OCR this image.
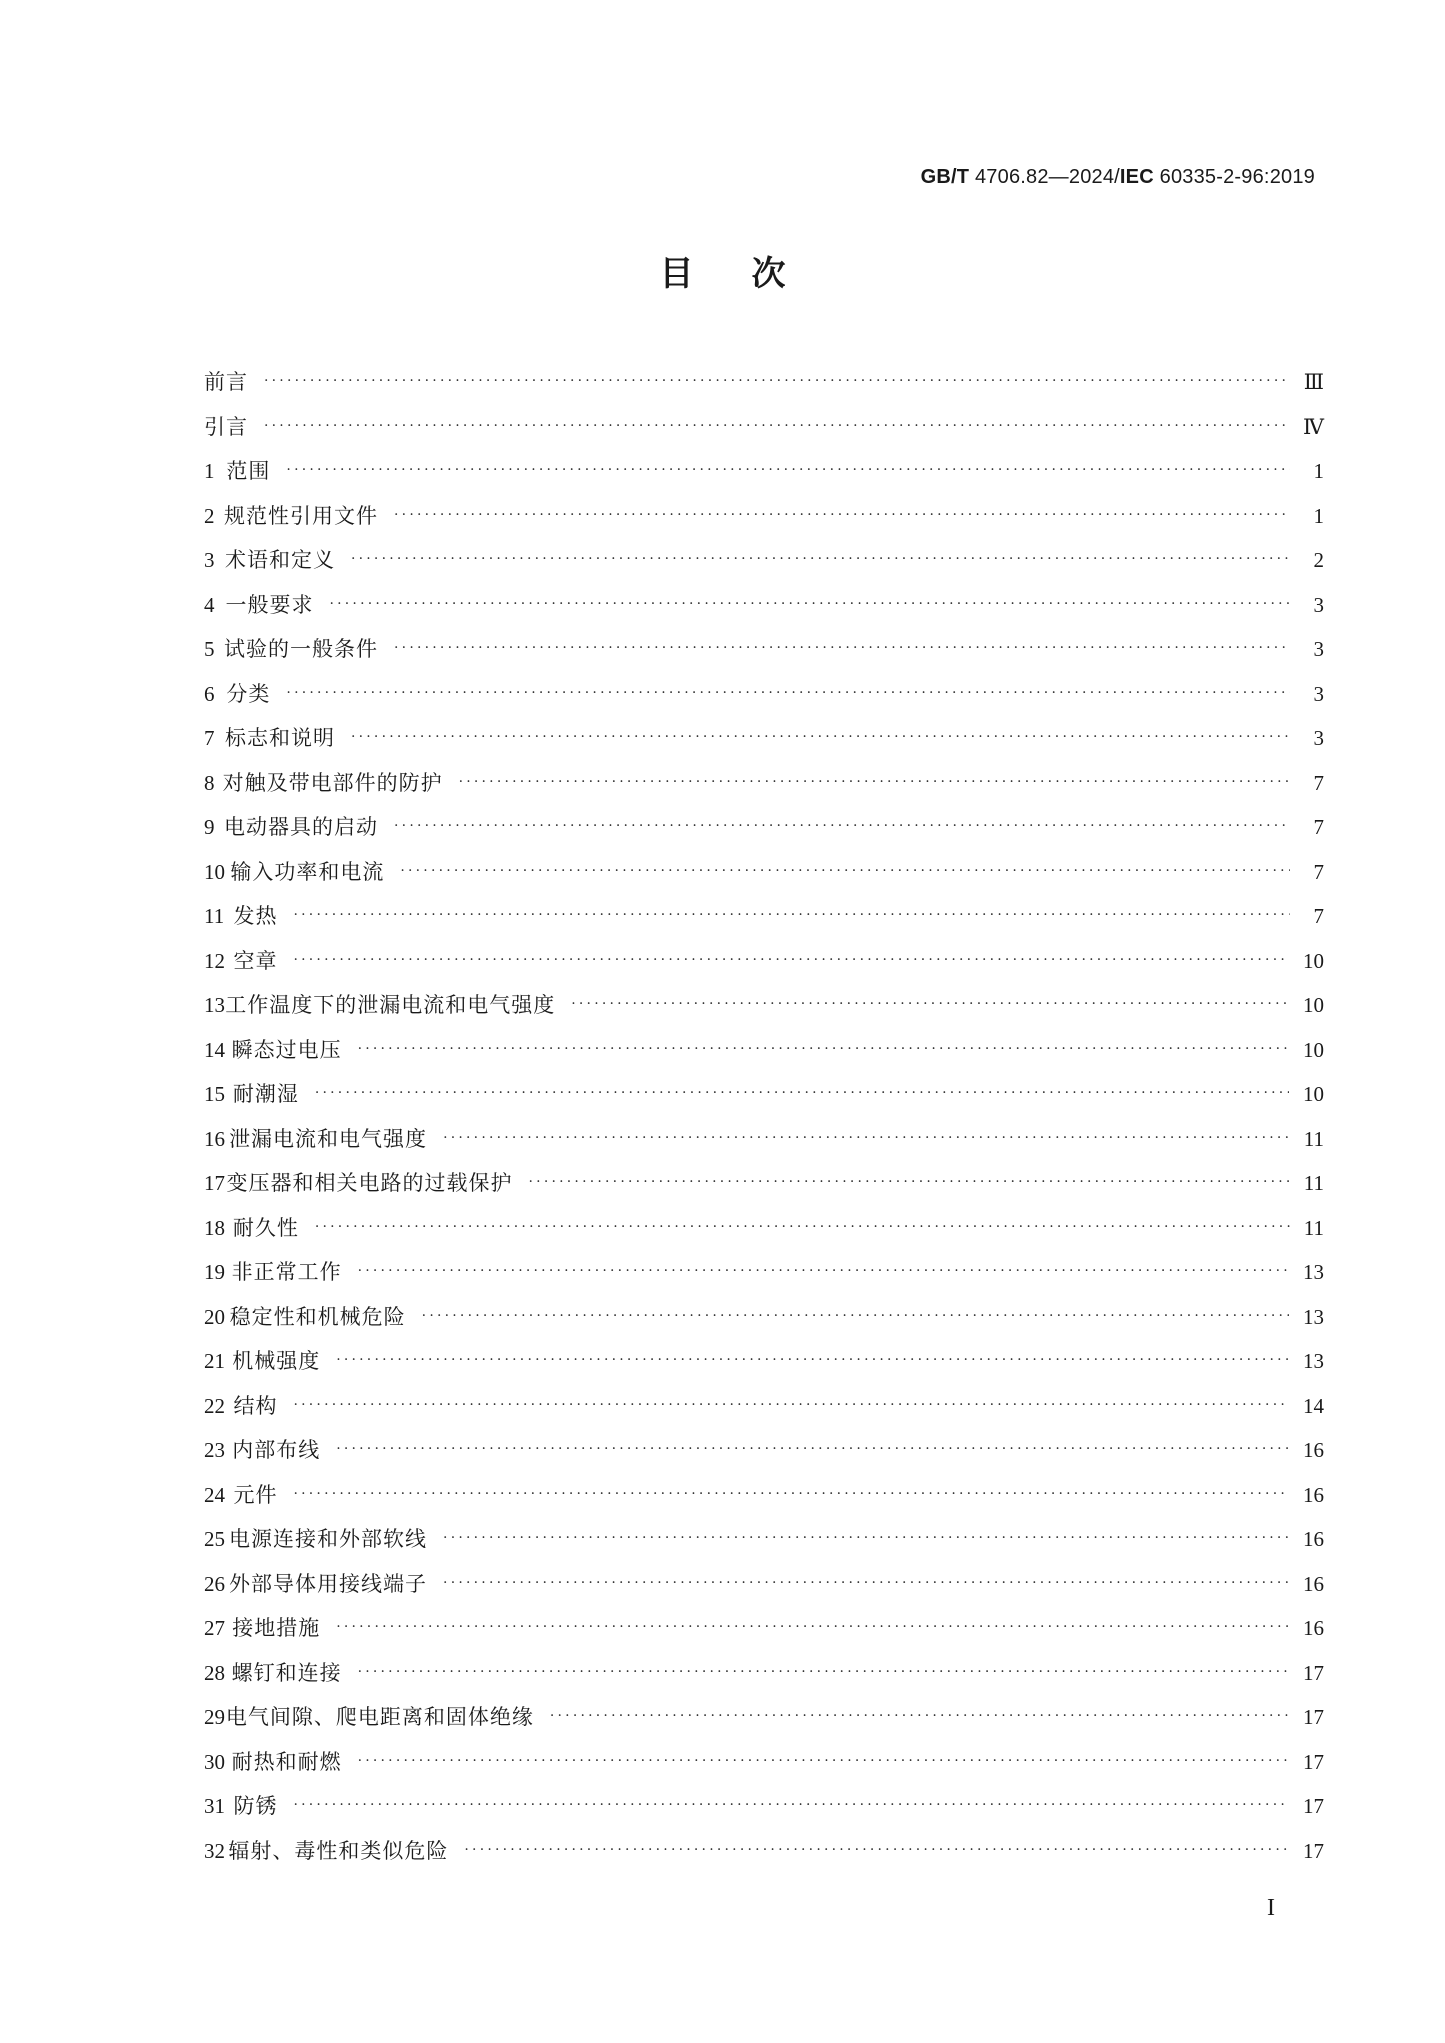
GB/T 4706.82—2024/IEC 60335-2-96:2019
目次
前言 ·····	Ⅲ
引言 ·····	Ⅳ
1 范围 ·····	1
2 规范性引用文件 ·····	1
3 术语和定义 ·····	2
4 一般要求 ·····	3
5 试验的一般条件 ·····	3
6 分类 ·····	3
7 标志和说明 ·····	3
8 对触及带电部件的防护 ·····	7
9 电动器具的启动 ·····	7
10 输入功率和电流 ·····	7
11 发热 ·····	7
12 空章 ·····	10
13 工作温度下的泄漏电流和电气强度 ·····	10
14 瞬态过电压 ·····	10
15 耐潮湿 ·····	10
16 泄漏电流和电气强度 ·····	11
17 变压器和相关电路的过载保护 ·····	11
18 耐久性 ·····	11
19 非正常工作 ·····	13
20 稳定性和机械危险 ·····	13
21 机械强度 ·····	13
22 结构 ·····	14
23 内部布线 ·····	16
24 元件 ·····	16
25 电源连接和外部软线 ·····	16
26 外部导体用接线端子 ·····	16
27 接地措施 ·····	16
28 螺钉和连接 ·····	17
29 电气间隙、爬电距离和固体绝缘 ·····	17
30 耐热和耐燃 ·····	17
31 防锈 ·····	17
32 辐射、毒性和类似危险 ·····	17
I
